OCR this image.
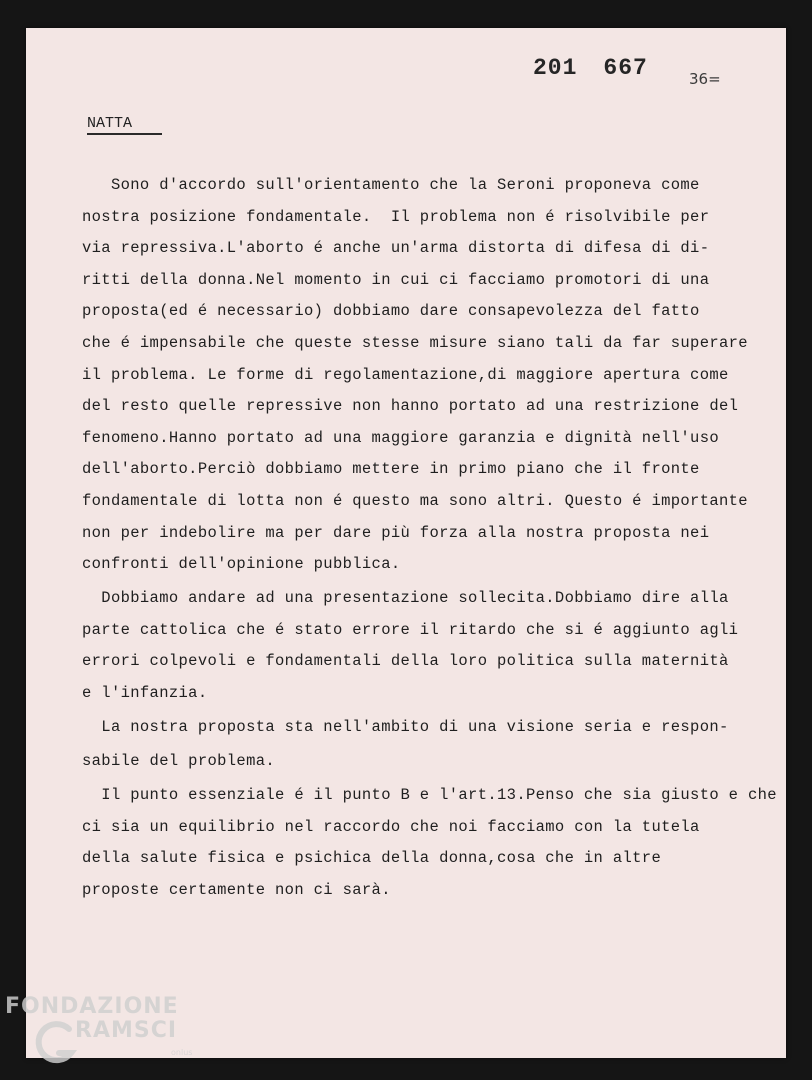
201 667	36=
NATTA
Sono d'accordo sull'orientamento che la Seroni proponeva come
nostra posizione fondamentale.  Il problema non é risolvibile per
via repressiva.L'aborto é anche un'arma distorta di difesa di di-
ritti della donna.Nel momento in cui ci facciamo promotori di una
proposta(ed é necessario) dobbiamo dare consapevolezza del fatto
che é impensabile che queste stesse misure siano tali da far superare
il problema. Le forme di regolamentazione,di maggiore apertura come
del resto quelle repressive non hanno portato ad una restrizione del
fenomeno.Hanno portato ad una maggiore garanzia e dignità nell'uso
dell'aborto.Perciò dobbiamo mettere in primo piano che il fronte
fondamentale di lotta non é questo ma sono altri. Questo é importante
non per indebolire ma per dare più forza alla nostra proposta nei
confronti dell'opinione pubblica.
Dobbiamo andare ad una presentazione sollecita.Dobbiamo dire alla
parte cattolica che é stato errore il ritardo che si é aggiunto agli
errori colpevoli e fondamentali della loro politica sulla maternità
e l'infanzia.
La nostra proposta sta nell'ambito di una visione seria e respon-
sabile del problema.
Il punto essenziale é il punto B e l'art.13.Penso che sia giusto e che
ci sia un equilibrio nel raccordo che noi facciamo con la tutela
della salute fisica e psichica della donna,cosa che in altre
proposte certamente non ci sarà.
FONDAZIONE
RAMSCI
onlus
